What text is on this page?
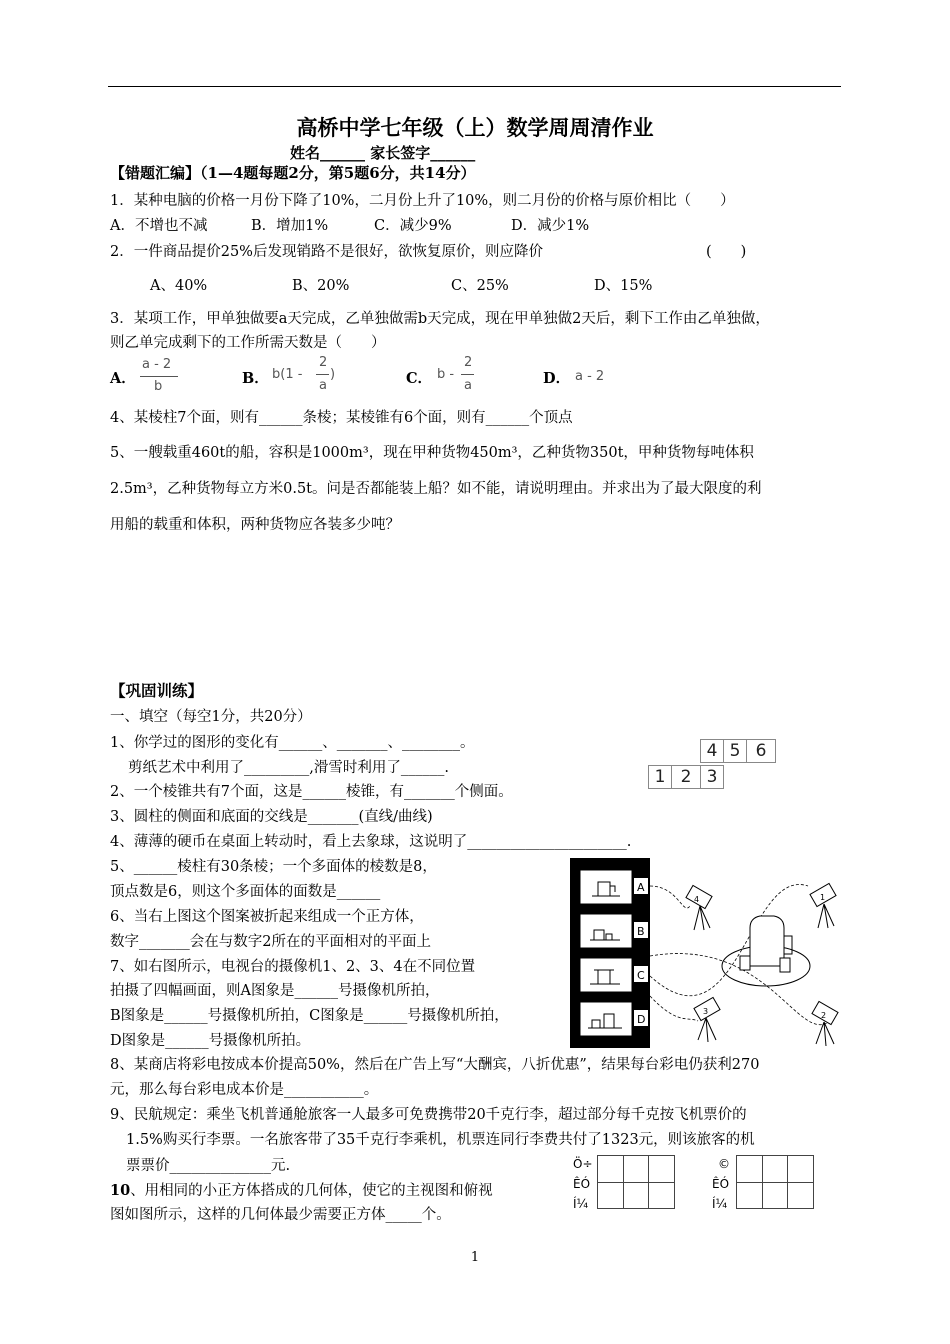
高桥中学七年级（上）数学周周清作业
姓名______ 家长签字______
【错题汇编】（1—4题每题2分，第5题6分，共14分）
1．某种电脑的价格一月份下降了10%，二月份上升了10%，则二月份的价格与原价相比（　　）
A．不增也不减	B．增加1%	C．减少9%	D．减少1%
2．一件商品提价25%后发现销路不是很好，欲恢复原价，则应降价	(　　)
A、40%	B、20%	C、25%	D、15%
3．某项工作，甲单独做要a天完成，乙单独做需b天完成，现在甲单独做2天后，剩下工作由乙单独做，
则乙单完成剩下的工作所需天数是（　　）
A．
a - 2
b	B． b(1 -
2
a
)	C． b -
2
a	D． a - 2
4、某棱柱7个面，则有______条棱；某棱锥有6个面，则有______个顶点
5、一艘载重460t的船，容积是1000m³，现在甲种货物450m³，乙种货物350t，甲种货物每吨体积
2.5m³，乙种货物每立方米0.5t。问是否都能装上船？如不能，请说明理由。并求出为了最大限度的利
用船的载重和体积，两种货物应各装多少吨？
【巩固训练】
一、填空（每空1分，共20分）
1、你学过的图形的变化有______、_______、________。
剪纸艺术中利用了_________,滑雪时利用了______.
2、一个棱锥共有7个面，这是______棱锥，有_______个侧面。
3、圆柱的侧面和底面的交线是_______(直线/曲线)
4、薄薄的硬币在桌面上转动时，看上去象球，这说明了______________________.
5、______棱柱有30条棱；一个多面体的棱数是8，
顶点数是6，则这个多面体的面数是______
6、当右上图这个图案被折起来组成一个正方体，
数字_______会在与数字2所在的平面相对的平面上
7、如右图所示，电视台的摄像机1、2、3、4在不同位置
拍摄了四幅画面，则A图象是______号摄像机所拍，
B图象是______号摄像机所拍，C图象是______号摄像机所拍，
D图象是______号摄像机所拍。
8、某商店将彩电按成本价提高50%，然后在广告上写“大酬宾，八折优惠”，结果每台彩电仍获利270
元，那么每台彩电成本价是___________。
9、民航规定：乘坐飞机普通舱旅客一人最多可免费携带20千克行李，超过部分每千克按飞机票价的
1.5%购买行李票。一名旅客带了35千克行李乘机，机票连同行李费共付了1323元，则该旅客的机
票票价______________元.
10、用相同的小正方体搭成的几何体，使它的主视图和俯视
图如图所示，这样的几何体最少需要正方体_____个。
4 5 6
1 2 3
A
B
C
D
4	1
3	2
Ö÷
ÊÓ
Í¼
©
ÊÓ
Í¼
1
